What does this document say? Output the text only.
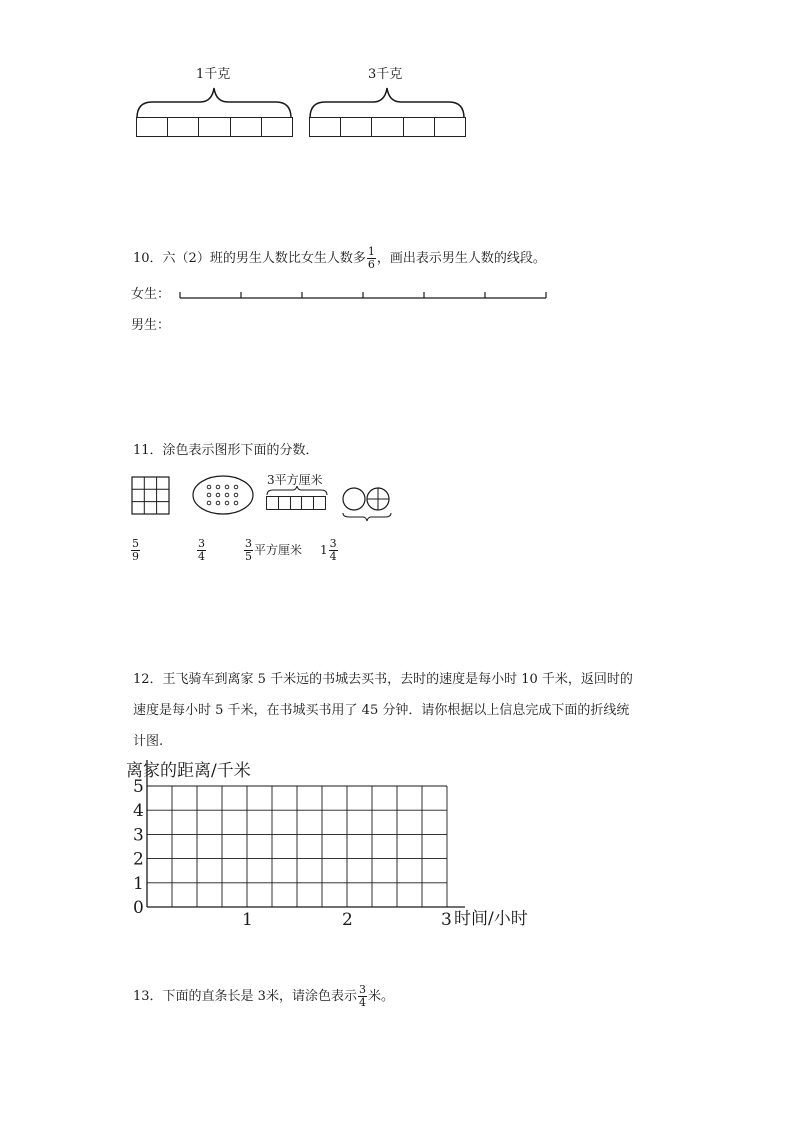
1千克	3千克
10．六（2）班的男生人数比女生人数多 $\frac{1}{6}$ ，画出表示男生人数的线段。
女生：
男生：
11．涂色表示图形下面的分数．
3平方厘米
$\frac{5}{9}$	$\frac{3}{4}$	$\frac{3}{5}$ 平方厘米 $1 \frac{3}{4}$
12．王飞骑车到离家 5 千米远的书城去买书，去时的速度是每小时 10 千米，返回时的
速度是每小时 5 千米，在书城买书用了 45 分钟．请你根据以上信息完成下面的折线统
计图.
离家的距离/千米
0
1
2
3
4
5
1	2	3 时间/小时
13．下面的直条长是 3米，请涂色表示 $\frac{3}{4}$ 米。
